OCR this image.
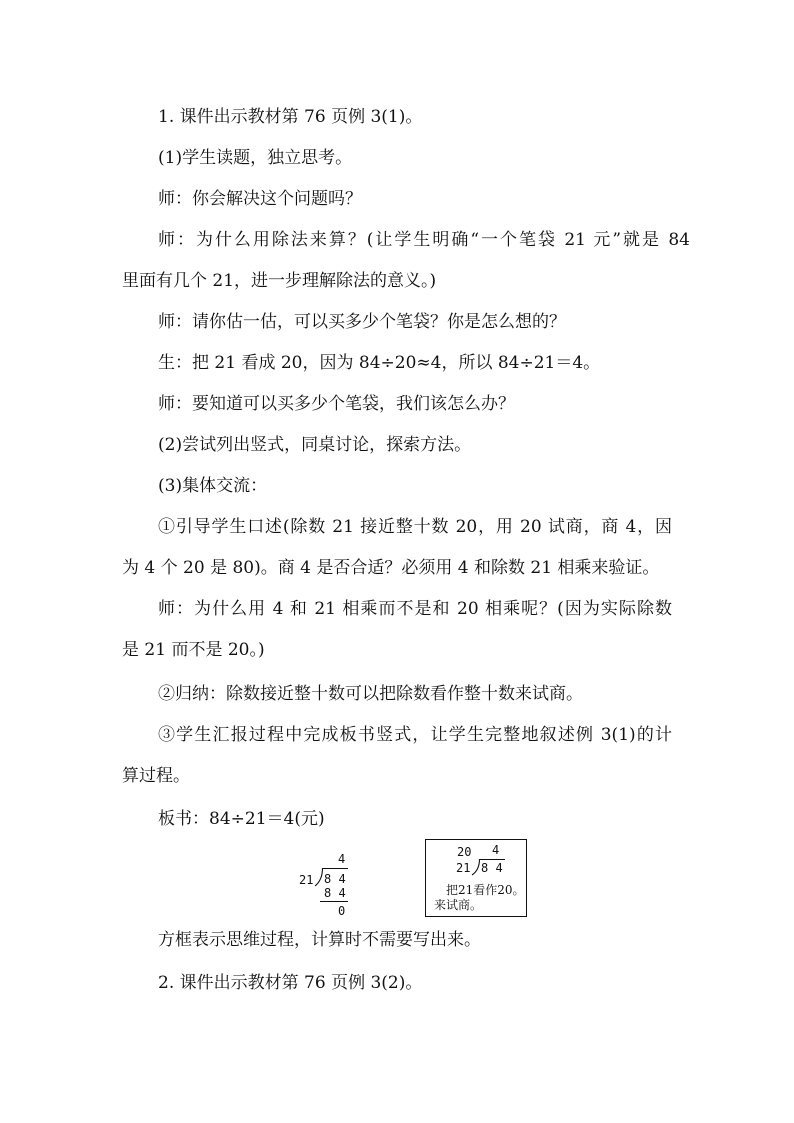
1. 课件出示教材第 76 页例 3(1)。
(1)学生读题，独立思考。
师：你会解决这个问题吗？
师：为什么用除法来算？(让学生明确“一个笔袋 21 元”就是 84
里面有几个 21，进一步理解除法的意义。)
师：请你估一估，可以买多少个笔袋？你是怎么想的？
生：把 21 看成 20，因为 84÷20≈4，所以 84÷21＝4。
师：要知道可以买多少个笔袋，我们该怎么办？
(2)尝试列出竖式，同桌讨论，探索方法。
(3)集体交流：
①引导学生口述(除数 21 接近整十数 20，用 20 试商，商 4，因
为 4 个 20 是 80)。商 4 是否合适？必须用 4 和除数 21 相乘来验证。
师：为什么用 4 和 21 相乘而不是和 20 相乘呢？(因为实际除数
是 21 而不是 20。)
②归纳：除数接近整十数可以把除数看作整十数来试商。
③学生汇报过程中完成板书竖式，让学生完整地叙述例 3(1)的计
算过程。
板书：84÷21＝4(元)
4
21 8 4
8 4
0
20 4
21 8 4
把21看作20。
来试商。
方框表示思维过程，计算时不需要写出来。
2. 课件出示教材第 76 页例 3(2)。
